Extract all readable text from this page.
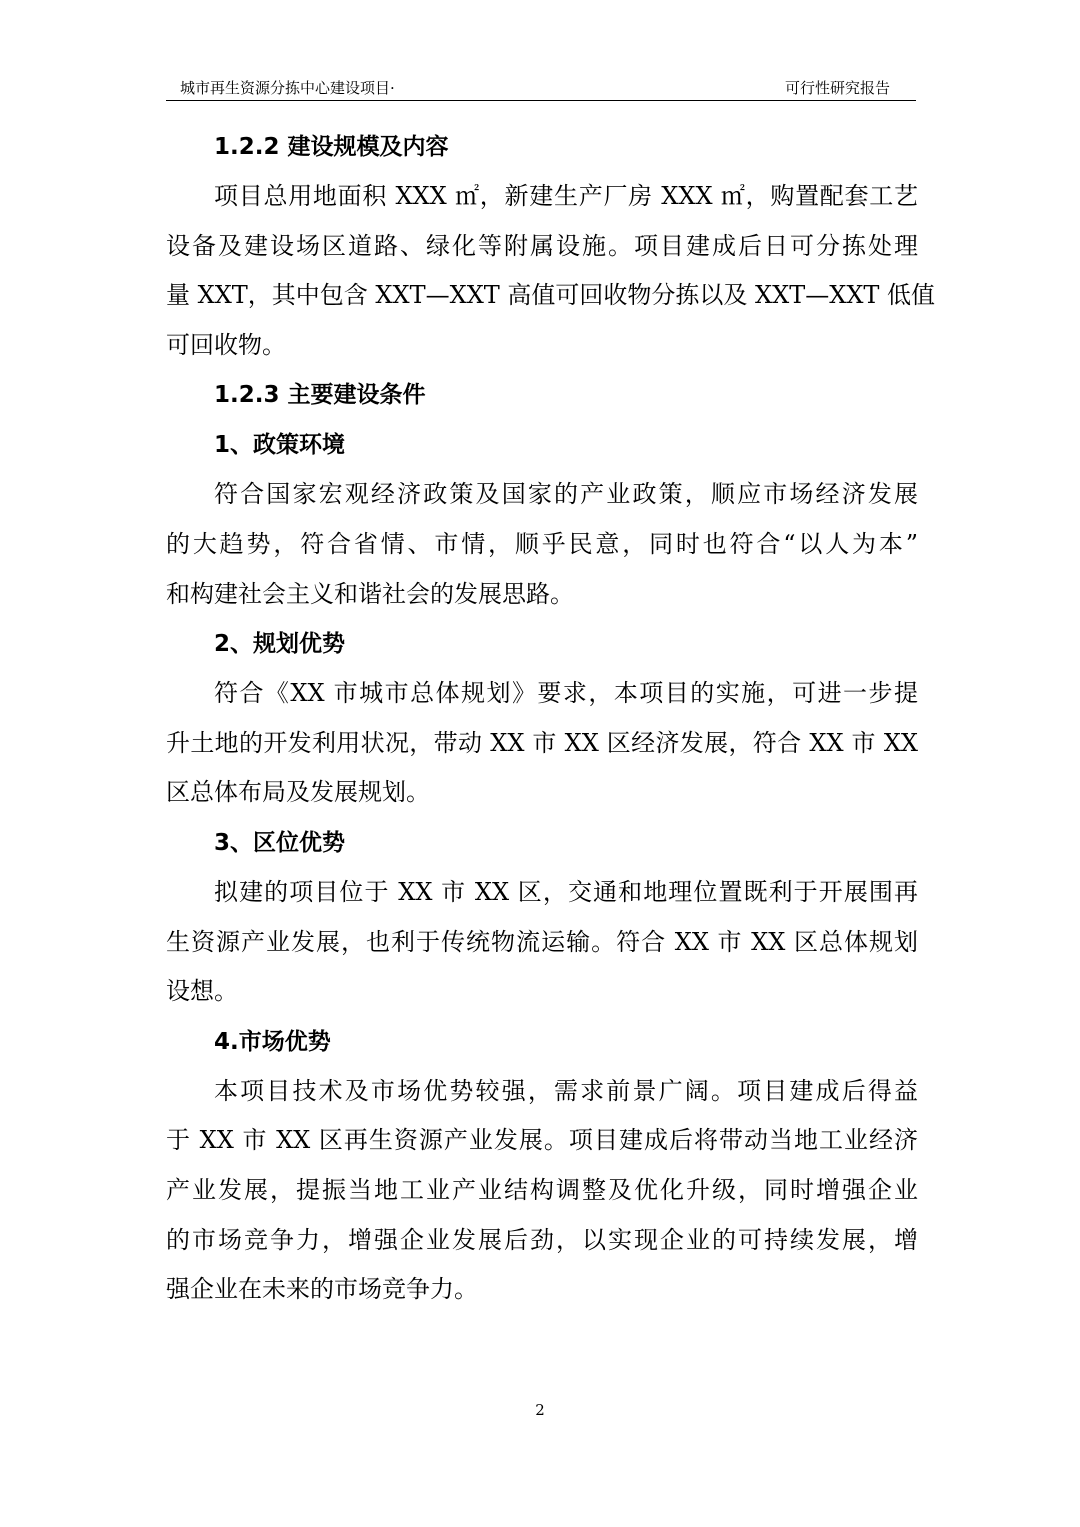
城市再生资源分拣中心建设项目·	可行性研究报告
1.2.2 建设规模及内容
项目总用地面积 XXX ㎡，新建生产厂房 XXX ㎡，购置配套工艺
设备及建设场区道路、绿化等附属设施。项目建成后日可分拣处理
量 XXT，其中包含 XXT—XXT 高值可回收物分拣以及 XXT—XXT 低值
可回收物。
1.2.3 主要建设条件
1、政策环境
符合国家宏观经济政策及国家的产业政策，顺应市场经济发展
的大趋势，符合省情、市情，顺乎民意，同时也符合“以人为本”
和构建社会主义和谐社会的发展思路。
2、规划优势
符合《XX 市城市总体规划》要求，本项目的实施，可进一步提
升土地的开发利用状况，带动 XX 市 XX 区经济发展，符合 XX 市 XX
区总体布局及发展规划。
3、区位优势
拟建的项目位于 XX 市 XX 区，交通和地理位置既利于开展围再
生资源产业发展，也利于传统物流运输。符合 XX 市 XX 区总体规划
设想。
4.市场优势
本项目技术及市场优势较强，需求前景广阔。项目建成后得益
于 XX 市 XX 区再生资源产业发展。项目建成后将带动当地工业经济
产业发展，提振当地工业产业结构调整及优化升级，同时增强企业
的市场竞争力，增强企业发展后劲，以实现企业的可持续发展，增
强企业在未来的市场竞争力。
2
